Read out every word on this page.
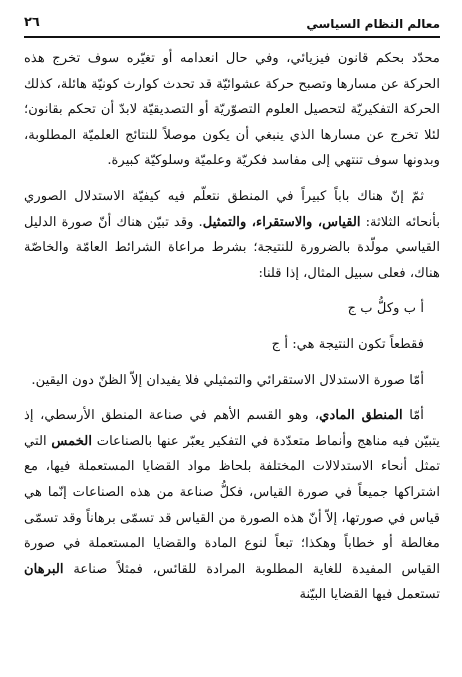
معالم النظام السياسي
٢٦

محدّد بحكم قانون فيزيائي، وفي حال انعدامه أو تغيّره سوف تخرج هذه الحركة عن مسارها وتصبح حركة عشوائيّة قد تحدث كوارث كونيّة هائلة، كذلك الحركة التفكيريّة لتحصيل العلوم التصوّريّة أو التصديقيّة لابدّ أن تحكم بقانون؛ لئلا تخرج عن مسارها الذي ينبغي أن يكون موصلاً للنتائج العلميّة المطلوبة، وبدونها سوف تنتهي إلى مفاسد فكريّة وعلميّة وسلوكيّة كبيرة.

ثمّ إنّ هناك باباً كبيراً في المنطق نتعلّم فيه كيفيّة الاستدلال الصوري بأنحائه الثلاثة: القياس، والاستقراء، والتمثيل. وقد تبيّن هناك أنّ صورة الدليل القياسي مولّدة بالضرورة للنتيجة؛ بشرط مراعاة الشرائط العامّة والخاصّة هناك، فعلى سبيل المثال، إذا قلنا:

أ ب وكلُّ ب ج

فقطعاً تكون النتيجة هي: أ ج

أمّا صورة الاستدلال الاستقرائي والتمثيلي فلا يفيدان إلاّ الظنّ دون اليقين.

أمّا المنطق المادي، وهو القسم الأهم في صناعة المنطق الأرسطي، إذ يتبيّن فيه مناهج وأنماط متعدّدة في التفكير يعبّر عنها بالصناعات الخمس التي تمثل أنحاء الاستدلالات المختلفة بلحاظ مواد القضايا المستعملة فيها، مع اشتراكها جميعاً في صورة القياس، فكلُّ صناعة من هذه الصناعات إنّما هي قياس في صورتها، إلاّ أنّ هذه الصورة من القياس قد تسمّى برهاناً وقد تسمّى مغالطة أو خطاباً وهكذا؛ تبعاً لنوع المادة والقضايا المستعملة في صورة القياس المفيدة للغاية المطلوبة المرادة للقائس، فمثلاً صناعة البرهان تستعمل فيها القضايا البيّنة
